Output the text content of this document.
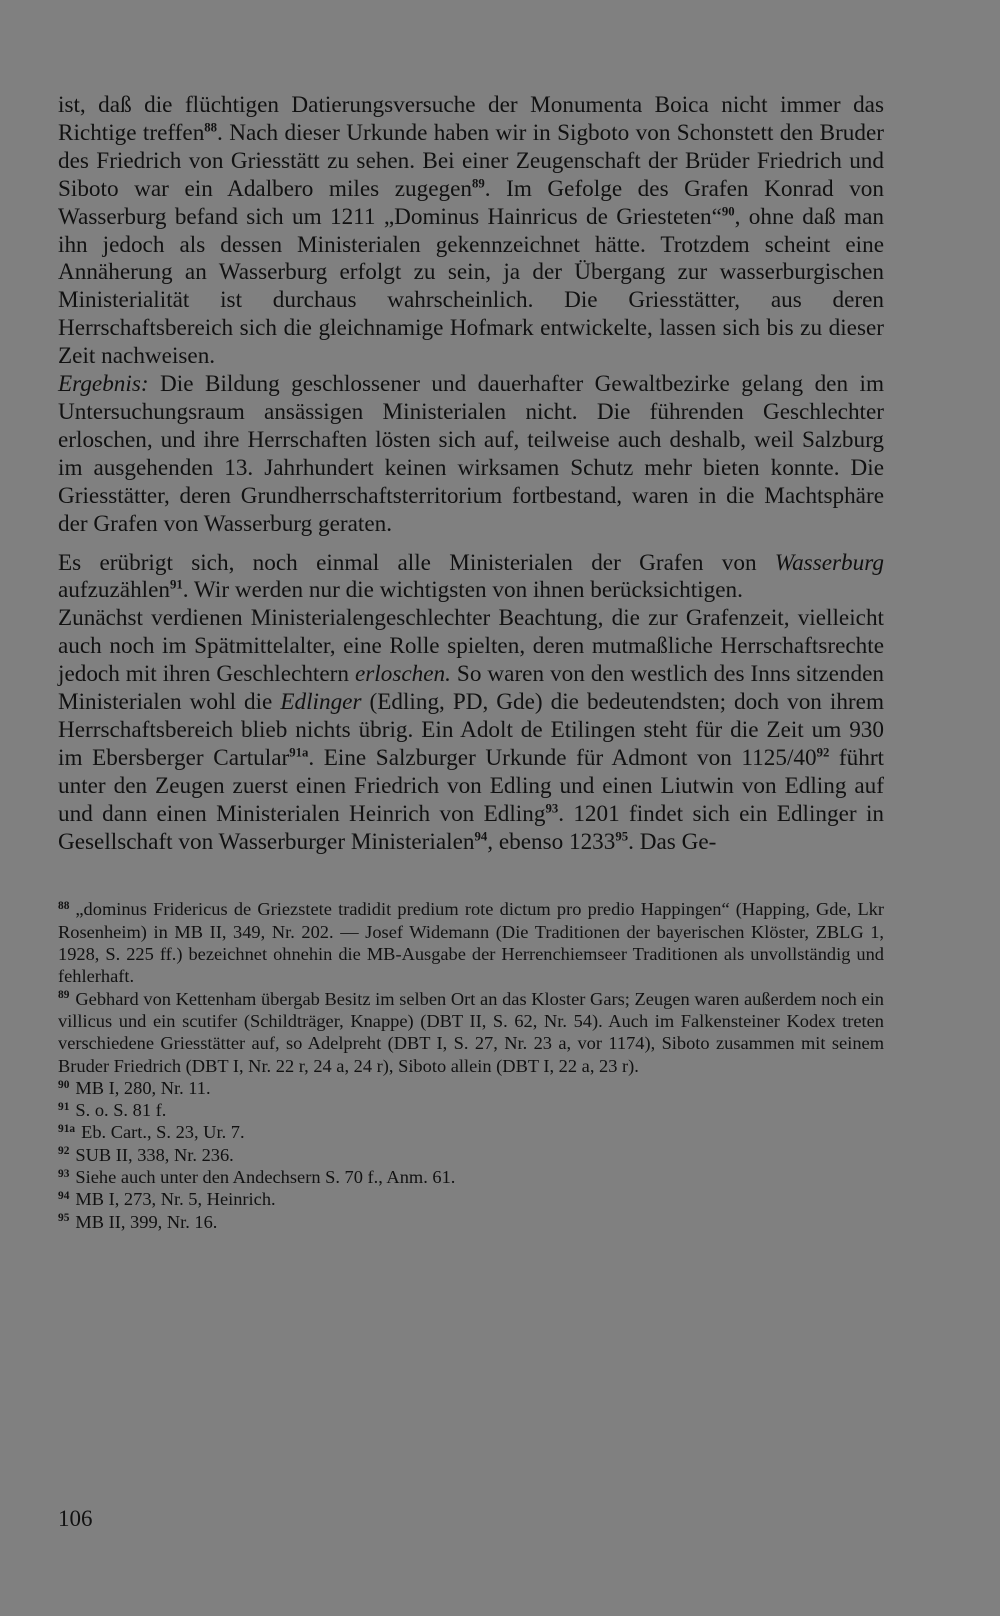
ist, daß die flüchtigen Datierungsversuche der Monumenta Boica nicht immer das Richtige treffen$^{88}$. Nach dieser Urkunde haben wir in Sigboto von Schonstett den Bruder des Friedrich von Griesstätt zu sehen. Bei einer Zeugenschaft der Brüder Friedrich und Siboto war ein Adalbero miles zugegen$^{89}$. Im Gefolge des Grafen Konrad von Wasserburg befand sich um 1211 „Dominus Hainricus de Griesteten“$^{90}$, ohne daß man ihn jedoch als dessen Ministerialen gekennzeichnet hätte. Trotzdem scheint eine Annäherung an Wasserburg erfolgt zu sein, ja der Übergang zur wasserburgischen Ministerialität ist durchaus wahrscheinlich. Die Griesstätter, aus deren Herrschaftsbereich sich die gleichnamige Hofmark entwickelte, lassen sich bis zu dieser Zeit nachweisen.

Ergebnis: Die Bildung geschlossener und dauerhafter Gewaltbezirke gelang den im Untersuchungsraum ansässigen Ministerialen nicht. Die führenden Geschlechter erloschen, und ihre Herrschaften lösten sich auf, teilweise auch deshalb, weil Salzburg im ausgehenden 13. Jahrhundert keinen wirksamen Schutz mehr bieten konnte. Die Griesstätter, deren Grundherrschaftsterritorium fortbestand, waren in die Machtsphäre der Grafen von Wasserburg geraten.

Es erübrigt sich, noch einmal alle Ministerialen der Grafen von Wasserburg aufzuzählen$^{91}$. Wir werden nur die wichtigsten von ihnen berücksichtigen.

Zunächst verdienen Ministerialengeschlechter Beachtung, die zur Grafenzeit, vielleicht auch noch im Spätmittelalter, eine Rolle spielten, deren mutmaßliche Herrschaftsrechte jedoch mit ihren Geschlechtern erloschen. So waren von den westlich des Inns sitzenden Ministerialen wohl die Edlinger (Edling, PD, Gde) die bedeutendsten; doch von ihrem Herrschaftsbereich blieb nichts übrig. Ein Adolt de Etilingen steht für die Zeit um 930 im Ebersberger Cartular$^{91a}$. Eine Salzburger Urkunde für Admont von 1125/40$^{92}$ führt unter den Zeugen zuerst einen Friedrich von Edling und einen Liutwin von Edling auf und dann einen Ministerialen Heinrich von Edling$^{93}$. 1201 findet sich ein Edlinger in Gesellschaft von Wasserburger Ministerialen$^{94}$, ebenso 1233$^{95}$. Das Ge-

$^{88}$ „dominus Fridericus de Griezstete tradidit predium rote dictum pro predio Happingen“ (Happing, Gde, Lkr Rosenheim) in MB II, 349, Nr. 202. — Josef Widemann (Die Traditionen der bayerischen Klöster, ZBLG 1, 1928, S. 225 ff.) bezeichnet ohnehin die MB-Ausgabe der Herrenchiemseer Traditionen als unvollständig und fehlerhaft.

$^{89}$ Gebhard von Kettenham übergab Besitz im selben Ort an das Kloster Gars; Zeugen waren außerdem noch ein villicus und ein scutifer (Schildträger, Knappe) (DBT II, S. 62, Nr. 54). Auch im Falkensteiner Kodex treten verschiedene Griesstätter auf, so Adelpreht (DBT I, S. 27, Nr. 23 a, vor 1174), Siboto zusammen mit seinem Bruder Friedrich (DBT I, Nr. 22 r, 24 a, 24 r), Siboto allein (DBT I, 22 a, 23 r).

$^{90}$ MB I, 280, Nr. 11.

$^{91}$ S. o. S. 81 f.

$^{91a}$ Eb. Cart., S. 23, Ur. 7.

$^{92}$ SUB II, 338, Nr. 236.

$^{93}$ Siehe auch unter den Andechsern S. 70 f., Anm. 61.

$^{94}$ MB I, 273, Nr. 5, Heinrich.

$^{95}$ MB II, 399, Nr. 16.

106
